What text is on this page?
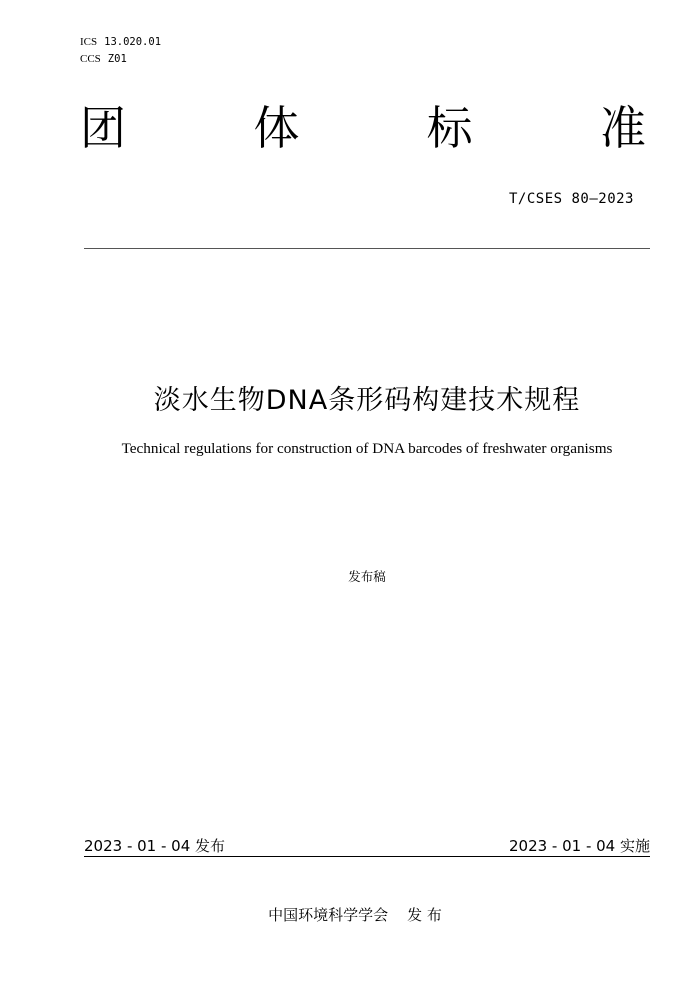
ICS 13.020.01
CCS Z01
团	体	标	准
T/CSES 80—2023
淡水生物DNA条形码构建技术规程
Technical regulations for construction of DNA barcodes of freshwater organisms
发布稿
2023 - 01 - 04 发布	2023 - 01 - 04 实施
中国环境科学学会 发 布
